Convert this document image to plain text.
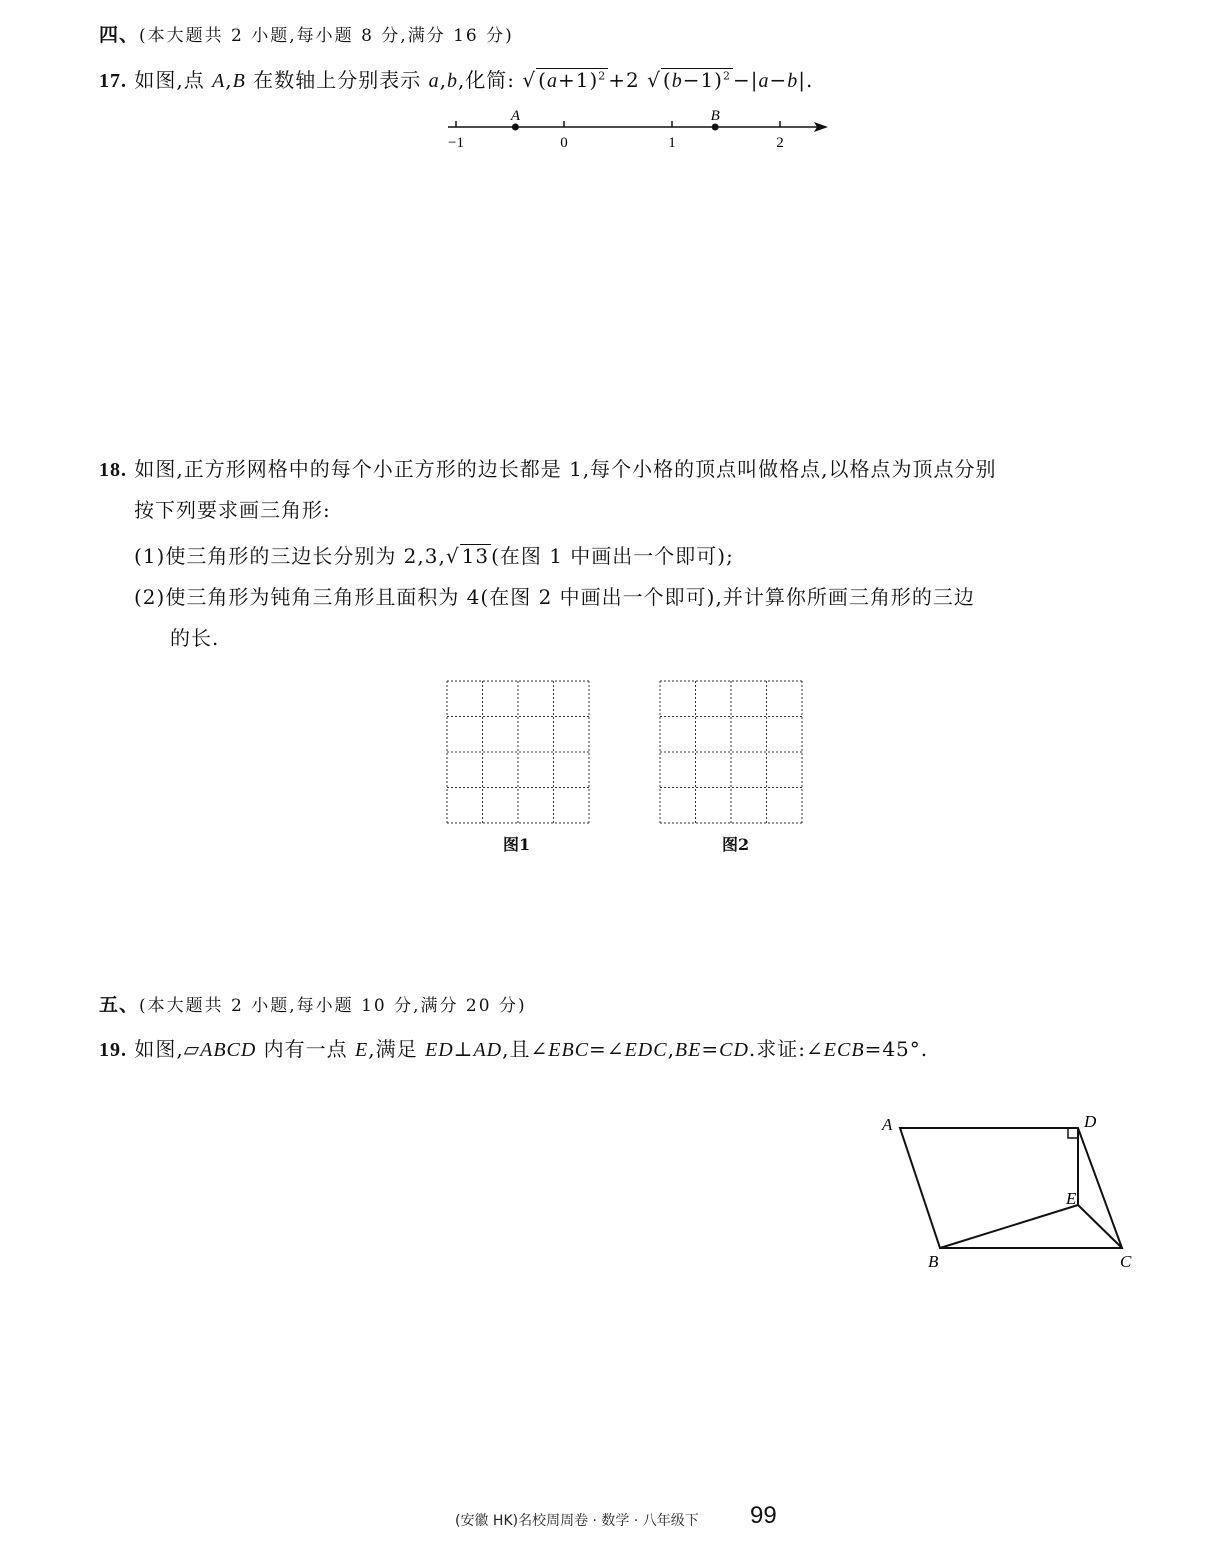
四、(本大题共 2 小题,每小题 8 分,满分 16 分)
17. 如图,点 A,B 在数轴上分别表示 a,b,化简: √ $(a+1)^2 +2$ √ $(b-1)^2 -|a-b|$.
−1	0	1	2
A	B
18. 如图,正方形网格中的每个小正方形的边长都是 1,每个小格的顶点叫做格点,以格点为顶点分别
按下列要求画三角形:
(1)使三角形的三边长分别为 2,3,√ 13 (在图 1 中画出一个即可);
(2)使三角形为钝角三角形且面积为 4(在图 2 中画出一个即可),并计算你所画三角形的三边
的长.
图1	图2
五、(本大题共 2 小题,每小题 10 分,满分 20 分)
19. 如图,▱ABCD 内有一点 E,满足 ED⊥AD,且∠EBC=∠EDC,BE=CD.求证:∠ECB=45°.
A	D
E
B	C
(安徽 HK)名校周周卷 · 数学 · 八年级下 99
